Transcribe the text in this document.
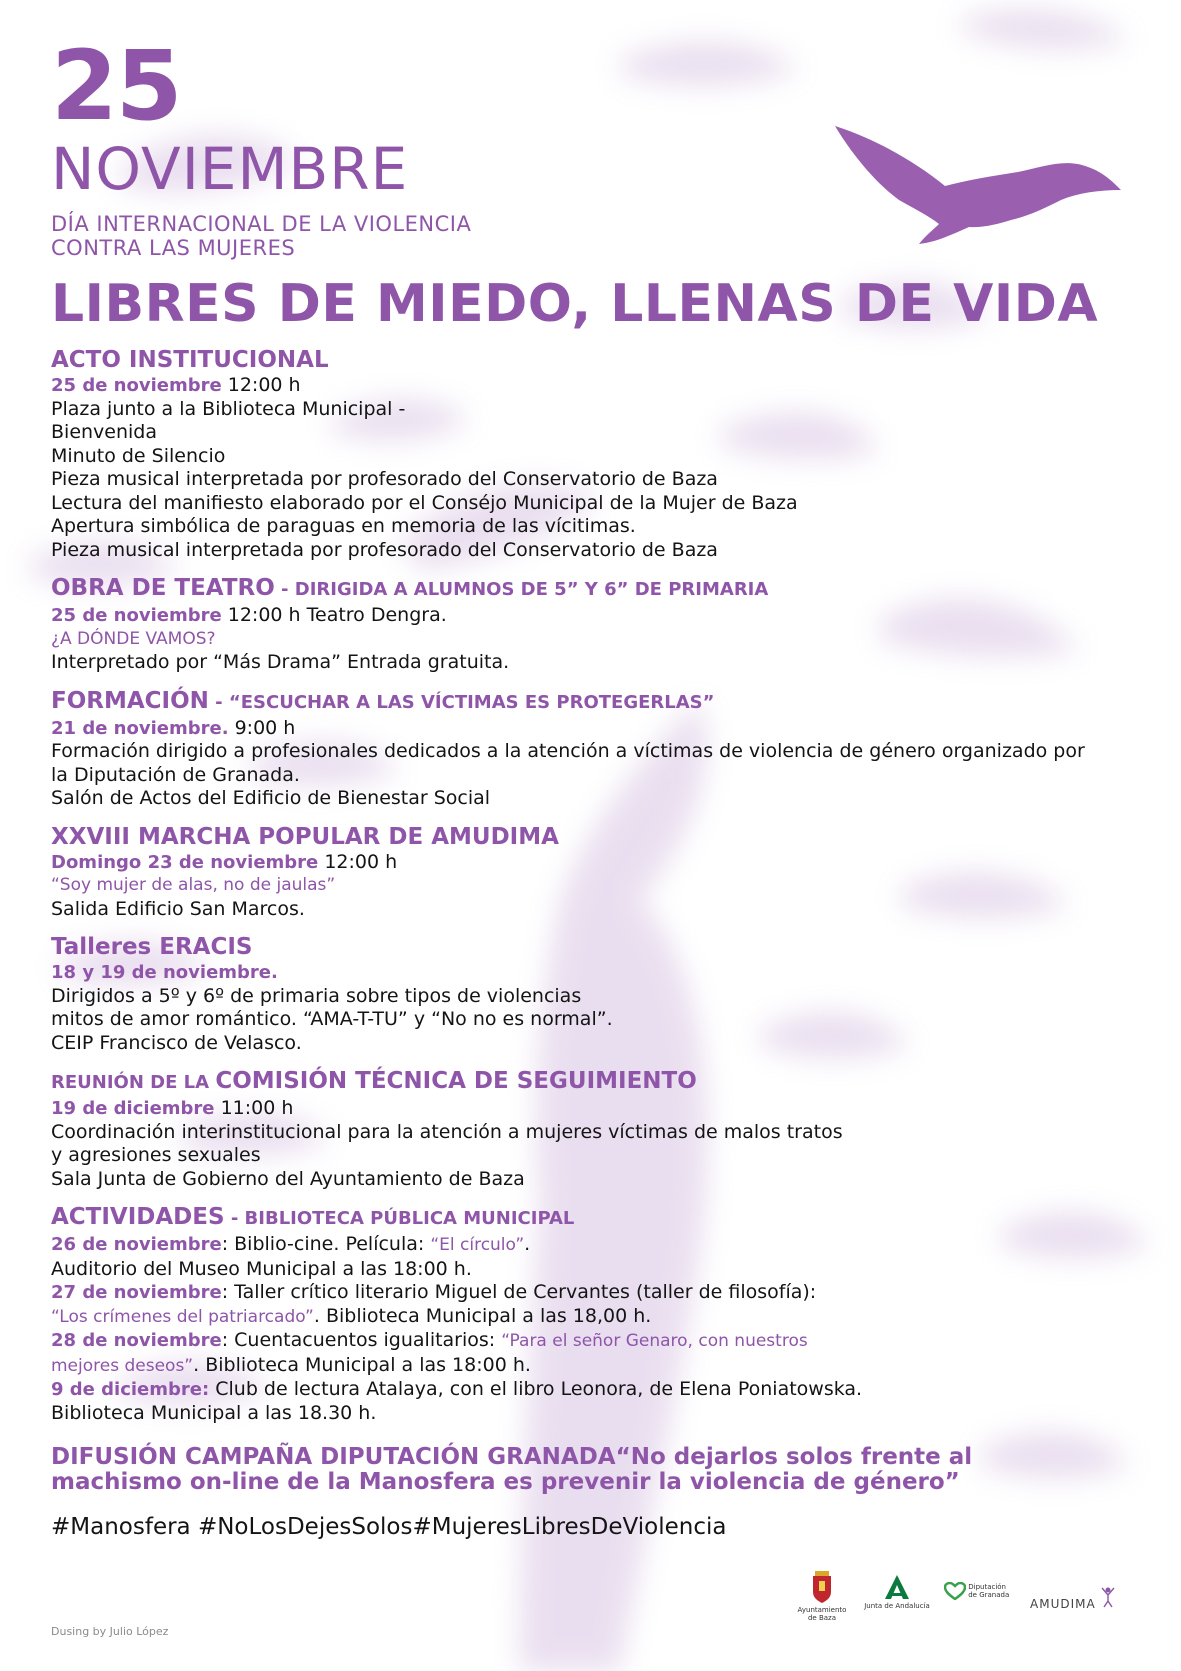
25
NOVIEMBRE
DÍA INTERNACIONAL DE LA VIOLENCIA
CONTRA LAS MUJERES
LIBRES DE MIEDO, LLENAS DE VIDA
ACTO INSTITUCIONAL
25 de noviembre 12:00 h
Plaza junto a la Biblioteca Municipal -
Bienvenida
Minuto de Silencio
Pieza musical interpretada por profesorado del Conservatorio de Baza
Lectura del manifiesto elaborado por el Conséjo Municipal de la Mujer de Baza
Apertura simbólica de paraguas en memoria de las vícitimas.
Pieza musical interpretada por profesorado del Conservatorio de Baza
OBRA DE TEATRO - DIRIGIDA A ALUMNOS DE 5” Y 6” DE PRIMARIA
25 de noviembre 12:00 h Teatro Dengra.
¿A DÓNDE VAMOS?
Interpretado por “Más Drama” Entrada gratuita.
FORMACIÓN - “ESCUCHAR A LAS VÍCTIMAS ES PROTEGERLAS”
21 de noviembre. 9:00 h
Formación dirigido a profesionales dedicados a la atención a víctimas de violencia de género organizado por
la Diputación de Granada.
Salón de Actos del Edificio de Bienestar Social
XXVIII MARCHA POPULAR DE AMUDIMA
Domingo 23 de noviembre 12:00 h
“Soy mujer de alas, no de jaulas”
Salida Edificio San Marcos.
Talleres ERACIS
18 y 19 de noviembre.
Dirigidos a 5º y 6º de primaria sobre tipos de violencias
mitos de amor romántico. “AMA-T-TU” y “No no es normal”.
CEIP Francisco de Velasco.
REUNIÓN DE LA COMISIÓN TÉCNICA DE SEGUIMIENTO
19 de diciembre 11:00 h
Coordinación interinstitucional para la atención a mujeres víctimas de malos tratos
y agresiones sexuales
Sala Junta de Gobierno del Ayuntamiento de Baza
ACTIVIDADES - BIBLIOTECA PÚBLICA MUNICIPAL
26 de noviembre: Biblio-cine. Película: “El círculo”.
Auditorio del Museo Municipal a las 18:00 h.
27 de noviembre: Taller crítico literario Miguel de Cervantes (taller de filosofía):
“Los crímenes del patriarcado”. Biblioteca Municipal a las 18,00 h.
28 de noviembre: Cuentacuentos igualitarios: “Para el señor Genaro, con nuestros
mejores deseos”. Biblioteca Municipal a las 18:00 h.
9 de diciembre: Club de lectura Atalaya, con el libro Leonora, de Elena Poniatowska.
Biblioteca Municipal a las 18.30 h.
DIFUSIÓN CAMPAÑA DIPUTACIÓN GRANADA“No dejarlos solos frente al
machismo on-line de la Manosfera es prevenir la violencia de género”
#Manosfera #NoLosDejesSolos#MujeresLibresDeViolencia
Dusing by Julio López
Ayuntamiento de Baza
Junta de Andalucía
Diputación de Granada
AMUDIMA
